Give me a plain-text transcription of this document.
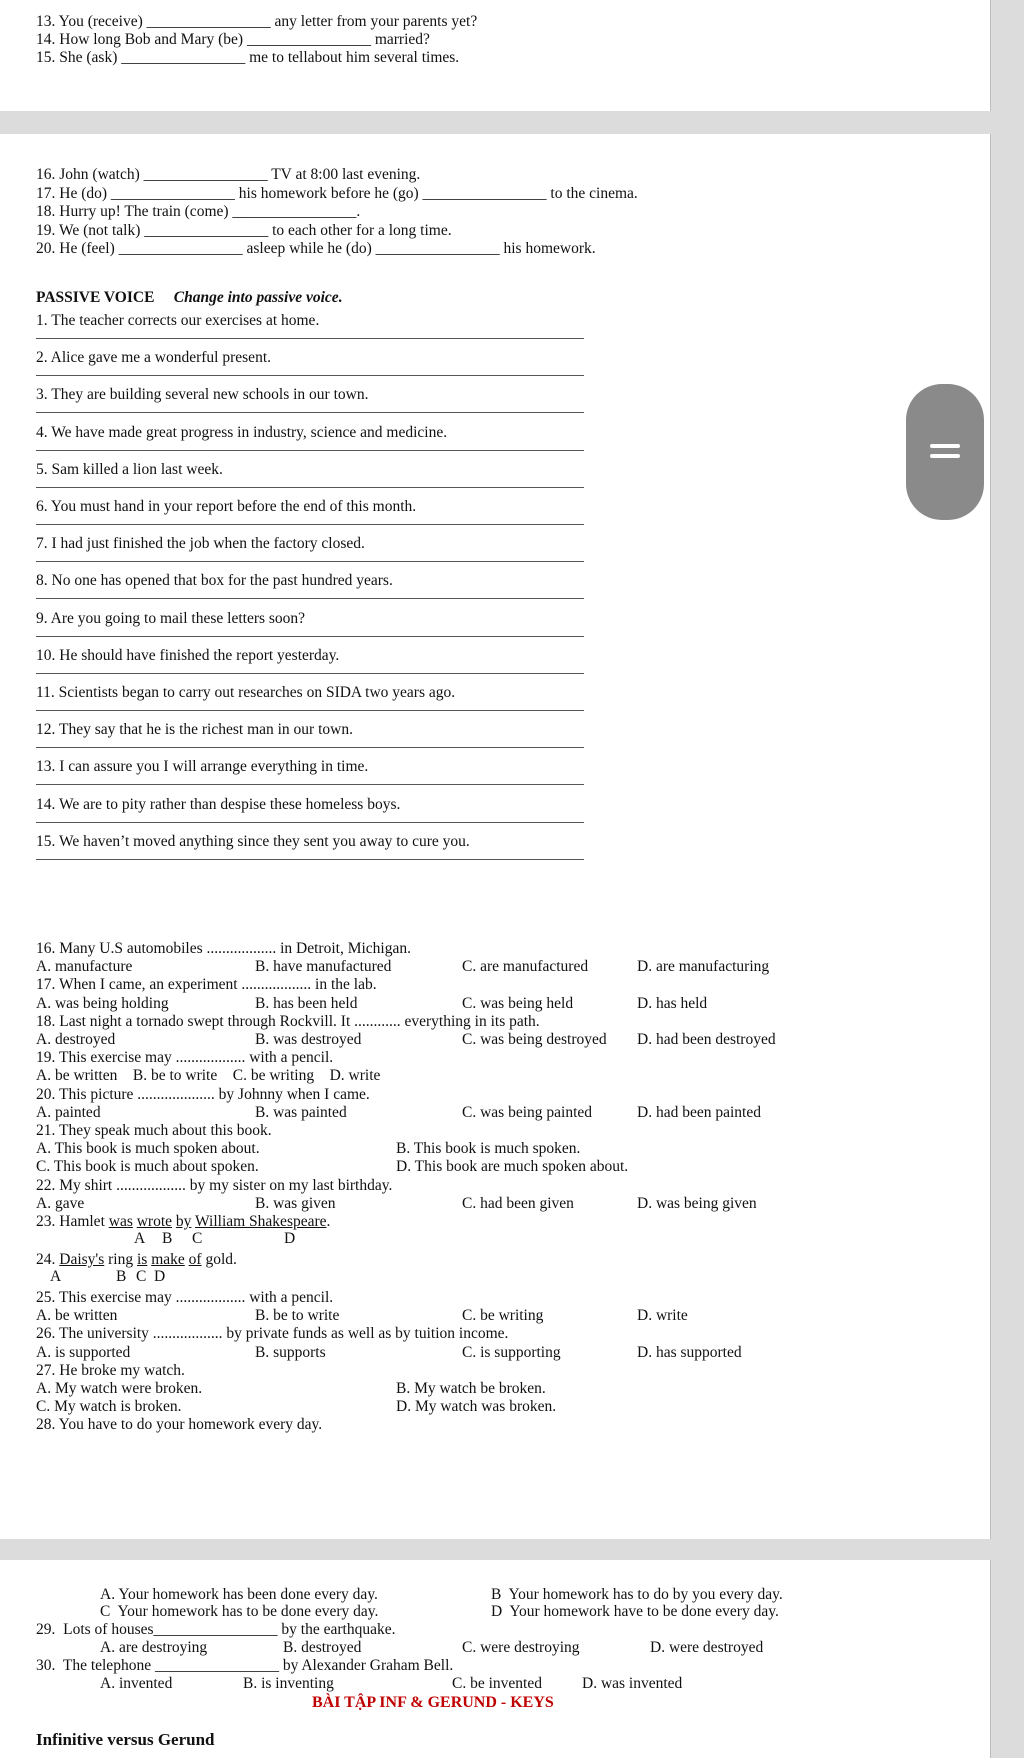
13. You (receive) ________________ any letter from your parents yet?
14. How long Bob and Mary (be) ________________ married?
15. She (ask) ________________ me to tellabout him several times.
16. John (watch) ________________ TV at 8:00 last evening.
17. He (do) ________________ his homework before he (go) ________________ to the cinema.
18. Hurry up! The train (come) ________________.
19. We (not talk) ________________ to each other for a long time.
20. He (feel) ________________ asleep while he (do) ________________ his homework.
PASSIVE VOICE Change into passive voice.
1. The teacher corrects our exercises at home.
2. Alice gave me a wonderful present.
3. They are building several new schools in our town.
4. We have made great progress in industry, science and medicine.
5. Sam killed a lion last week.
6. You must hand in your report before the end of this month.
7. I had just finished the job when the factory closed.
8. No one has opened that box for the past hundred years.
9. Are you going to mail these letters soon?
10. He should have finished the report yesterday.
11. Scientists began to carry out researches on SIDA two years ago.
12. They say that he is the richest man in our town.
13. I can assure you I will arrange everything in time.
14. We are to pity rather than despise these homeless boys.
15. We haven’t moved anything since they sent you away to cure you.
16. Many U.S automobiles .................. in Detroit, Michigan.
A. manufacture	B. have manufactured	C. are manufactured	D. are manufacturing
17. When I came, an experiment .................. in the lab.
A. was being holding	B. has been held	C. was being held	D. has held
18. Last night a tornado swept through Rockvill. It ............ everything in its path.
A. destroyed	B. was destroyed	C. was being destroyed D. had been destroyed
19. This exercise may .................. with a pencil.
A. be written    B. be to write    C. be writing    D. write
20. This picture .................... by Johnny when I came.
A. painted	B. was painted	C. was being painted	D. had been painted
21. They speak much about this book.
A. This book is much spoken about.	B. This book is much spoken.
C. This book is much about spoken.	D. This book are much spoken about.
22. My shirt .................. by my sister on my last birthday.
A. gave	B. was given	C. had been given	D. was being given
23. Hamlet was wrote by William Shakespeare.
A B C	D
24. Daisy's ring is make of gold.
A	B C D
25. This exercise may .................. with a pencil.
A. be written	B. be to write	C. be writing	D. write
26. The university .................. by private funds as well as by tuition income.
A. is supported	B. supports	C. is supporting	D. has supported
27. He broke my watch.
A. My watch were broken.	B. My watch be broken.
C. My watch is broken.	D. My watch was broken.
28. You have to do your homework every day.
A. Your homework has been done every day.	B  Your homework has to do by you every day.
C  Your homework has to be done every day.	D  Your homework have to be done every day.
29.  Lots of houses________________ by the earthquake.
A. are destroying	B. destroyed	C. were destroying	D. were destroyed
30.  The telephone ________________ by Alexander Graham Bell.
A. invented	B. is inventing	C. be invented	D. was invented
BÀI TẬP INF & GERUND - KEYS
Infinitive versus Gerund
